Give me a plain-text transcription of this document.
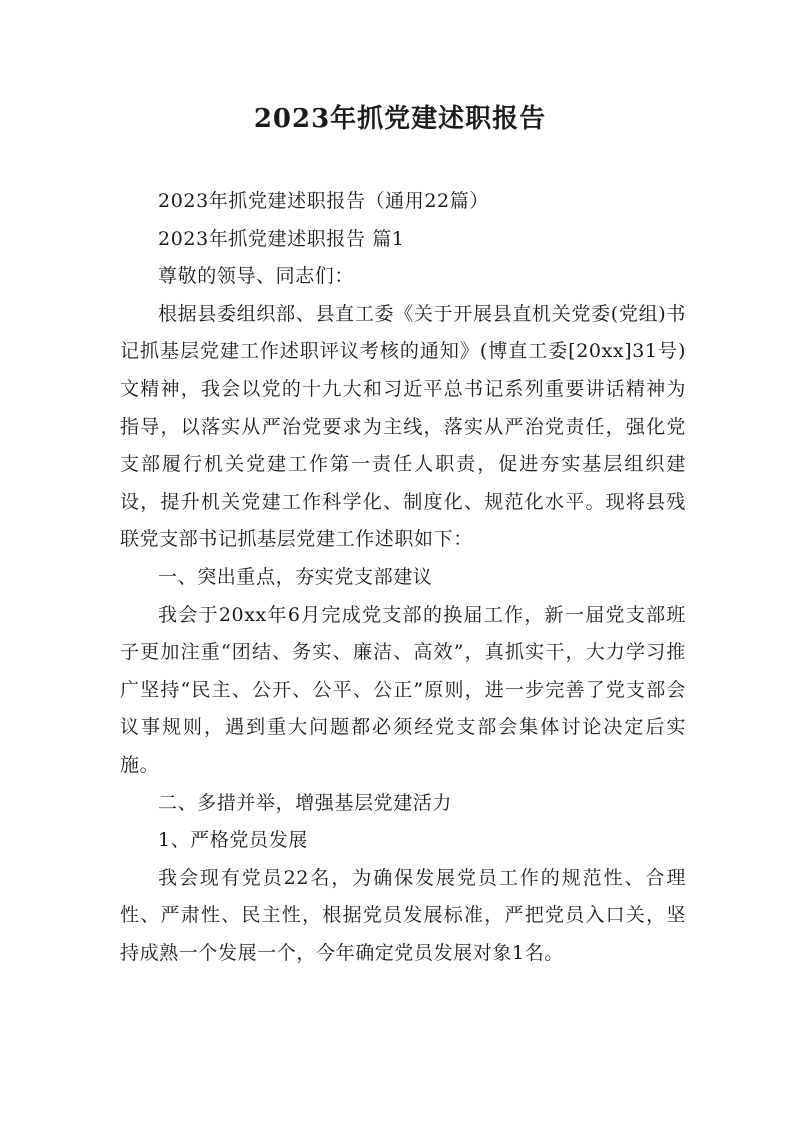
2023年抓党建述职报告

2023年抓党建述职报告（通用22篇）

2023年抓党建述职报告 篇1

尊敬的领导、同志们：

根据县委组织部、县直工委《关于开展县直机关党委(党组)书记抓基层党建工作述职评议考核的通知》(博直工委[20xx]31号)文精神，我会以党的十九大和习近平总书记系列重要讲话精神为指导，以落实从严治党要求为主线，落实从严治党责任，强化党支部履行机关党建工作第一责任人职责，促进夯实基层组织建设，提升机关党建工作科学化、制度化、规范化水平。现将县残联党支部书记抓基层党建工作述职如下：

一、突出重点，夯实党支部建议

我会于20xx年6月完成党支部的换届工作，新一届党支部班子更加注重“团结、务实、廉洁、高效”，真抓实干，大力学习推广坚持“民主、公开、公平、公正”原则，进一步完善了党支部会议事规则，遇到重大问题都必须经党支部会集体讨论决定后实施。

二、多措并举，增强基层党建活力

1、严格党员发展

我会现有党员22名，为确保发展党员工作的规范性、合理性、严肃性、民主性，根据党员发展标准，严把党员入口关，坚持成熟一个发展一个，今年确定党员发展对象1名。
